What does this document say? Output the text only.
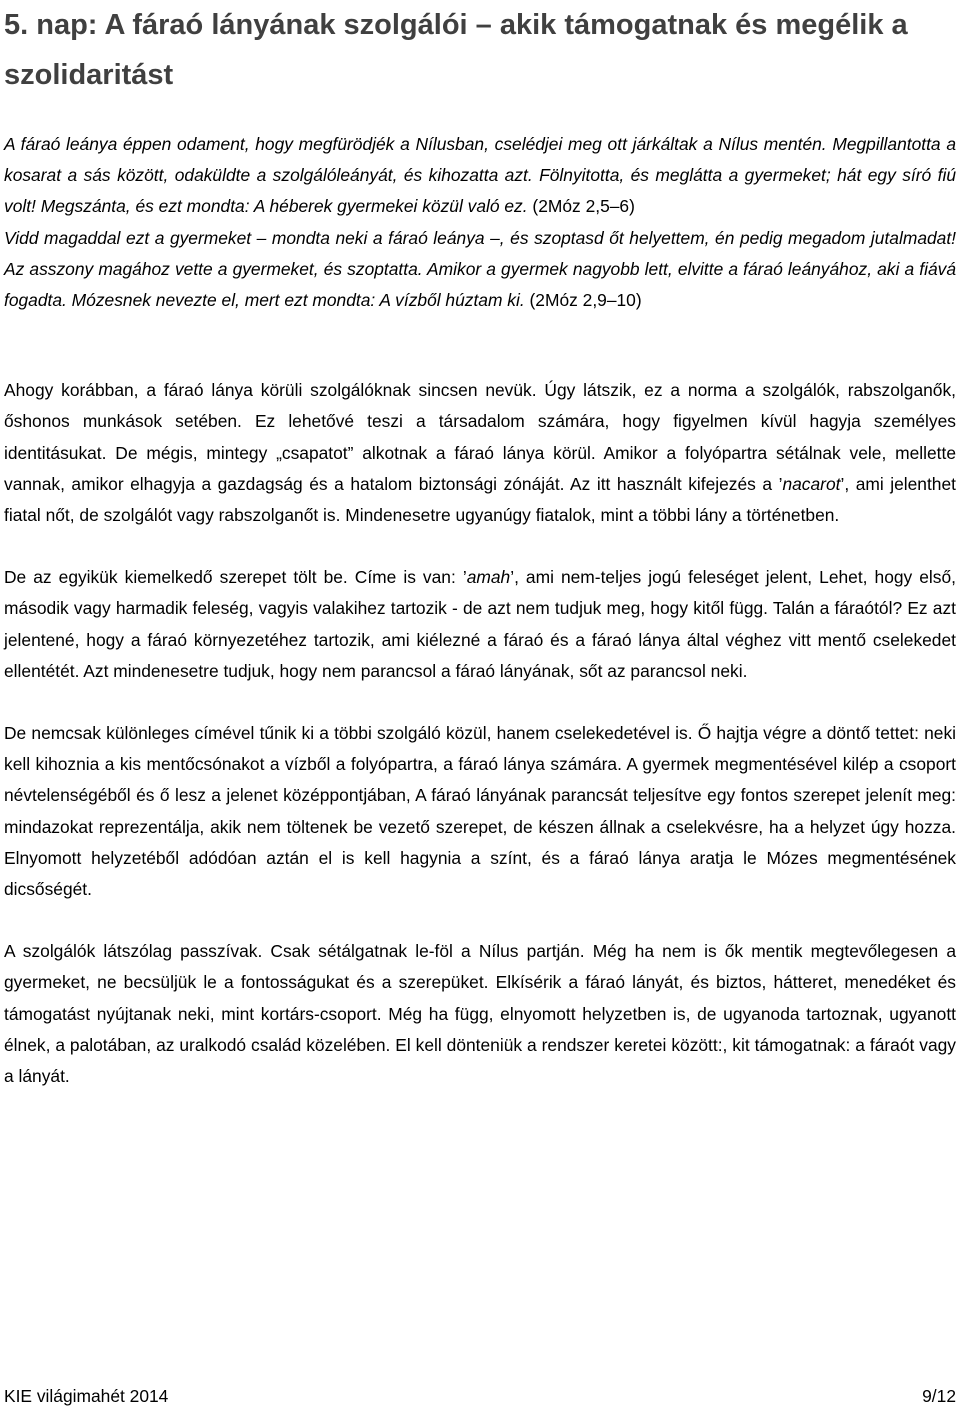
5. nap: A fáraó lányának szolgálói – akik támogatnak és megélik a szolidaritást
A fáraó leánya éppen odament, hogy megfürödjék a Nílusban, cselédjei meg ott járkáltak a Nílus mentén. Megpillantotta a kosarat a sás között, odaküldte a szolgálóleányát, és kihozatta azt. Fölnyitotta, és meglátta a gyermeket; hát egy síró fiú volt! Megszánta, és ezt mondta: A héberek gyermekei közül való ez. (2Móz 2,5–6)
Vidd magaddal ezt a gyermeket – mondta neki a fáraó leánya –, és szoptasd őt helyettem, én pedig megadom jutalmadat! Az asszony magához vette a gyermeket, és szoptatta. Amikor a gyermek nagyobb lett, elvitte a fáraó leányához, aki a fiává fogadta. Mózesnek nevezte el, mert ezt mondta: A vízből húztam ki. (2Móz 2,9–10)

Ahogy korábban, a fáraó lánya körüli szolgálóknak sincsen nevük. Úgy látszik, ez a norma a szolgálók, rabszolganők, őshonos munkások setében. Ez lehetővé teszi a társadalom számára, hogy figyelmen kívül hagyja személyes identitásukat. De mégis, mintegy „csapatot” alkotnak a fáraó lánya körül. Amikor a folyópartra sétálnak vele, mellette vannak, amikor elhagyja a gazdagság és a hatalom biztonsági zónáját. Az itt használt kifejezés a ’nacarot’, ami jelenthet fiatal nőt, de szolgálót vagy rabszolganőt is. Mindenesetre ugyanúgy fiatalok, mint a többi lány a történetben.

De az egyikük kiemelkedő szerepet tölt be. Címe is van: ’amah’, ami nem-teljes jogú feleséget jelent, Lehet, hogy első, második vagy harmadik feleség, vagyis valakihez tartozik - de azt nem tudjuk meg, hogy kitől függ. Talán a fáraótól? Ez azt jelentené, hogy a fáraó környezetéhez tartozik, ami kiélezné a fáraó és a fáraó lánya által véghez vitt mentő cselekedet ellentétét. Azt mindenesetre tudjuk, hogy nem parancsol a fáraó lányának, sőt az parancsol neki.

De nemcsak különleges címével tűnik ki a többi szolgáló közül, hanem cselekedetével is. Ő hajtja végre a döntő tettet: neki kell kihoznia a kis mentőcsónakot a vízből a folyópartra, a fáraó lánya számára. A gyermek megmentésével kilép a csoport névtelenségéből és ő lesz a jelenet középpontjában, A fáraó lányának parancsát teljesítve egy fontos szerepet jelenít meg: mindazokat reprezentálja, akik nem töltenek be vezető szerepet, de készen állnak a cselekvésre, ha a helyzet úgy hozza. Elnyomott helyzetéből adódóan aztán el is kell hagynia a színt, és a fáraó lánya aratja le Mózes megmentésének dicsőségét.

A szolgálók látszólag passzívak. Csak sétálgatnak le-föl a Nílus partján. Még ha nem is ők mentik megtevőlegesen a gyermeket, ne becsüljük le a fontosságukat és a szerepüket. Elkísérik a fáraó lányát, és biztos, hátteret, menedéket és támogatást nyújtanak neki, mint kortárs-csoport. Még ha függ, elnyomott helyzetben is, de ugyanoda tartoznak, ugyanott élnek, a palotában, az uralkodó család közelében. El kell dönteniük a rendszer keretei között:, kit támogatnak: a fáraót vagy a lányát.

KIE világimahét 2014	9/12
